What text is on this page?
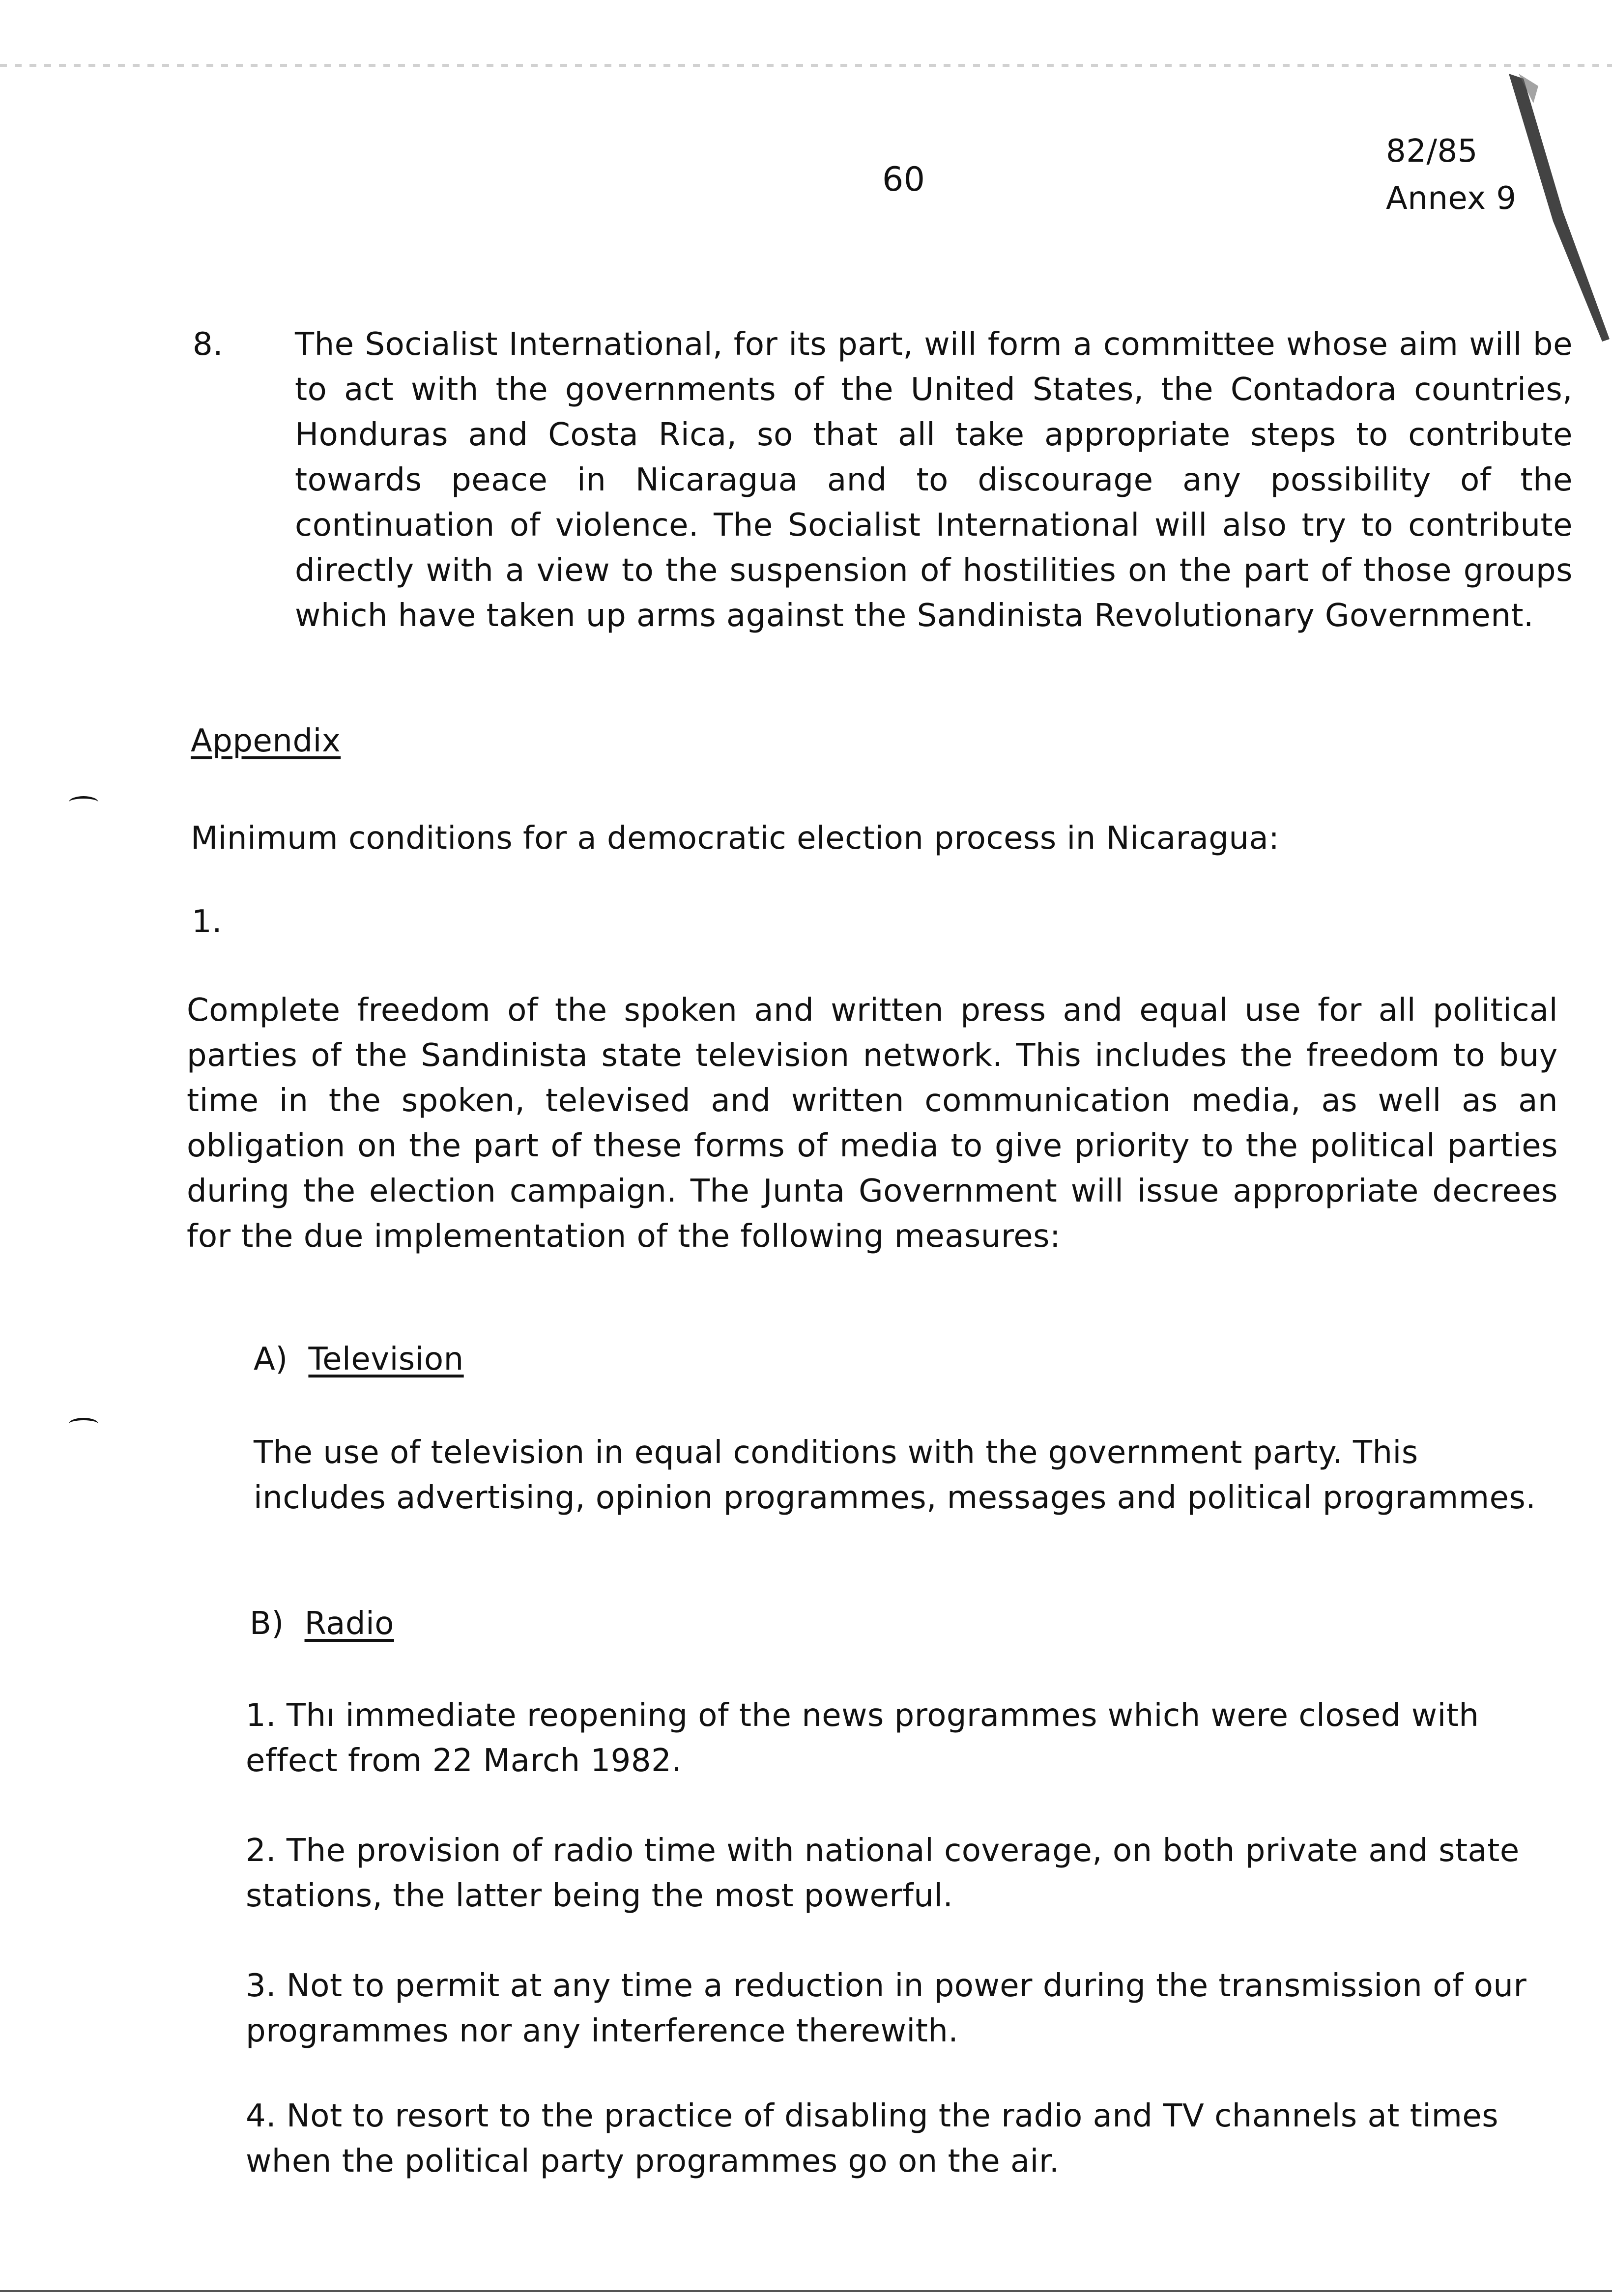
60
82/85
Annex 9
8. The Socialist International, for its part, will form a committee whose aim will be to act with the governments of the United States, the Contadora countries, Honduras and Costa Rica, so that all take appropriate steps to contribute towards peace in Nicaragua and to discourage any possibility of the continuation of violence. The Socialist International will also try to contribute directly with a view to the suspension of hostilities on the part of those groups which have taken up arms against the Sandinista Revolutionary Government.
Appendix
Minimum conditions for a democratic election process in Nicaragua:
1.
Complete freedom of the spoken and written press and equal use for all political parties of the Sandinista state television network. This includes the freedom to buy time in the spoken, televised and written communication media, as well as an obligation on the part of these forms of media to give priority to the political parties during the election campaign. The Junta Government will issue appropriate decrees for the due implementation of the following measures:
A) Television
The use of television in equal conditions with the government party. This includes advertising, opinion programmes, messages and political programmes.
B) Radio
1. Thı immediate reopening of the news programmes which were closed with effect from 22 March 1982.
2. The provision of radio time with national coverage, on both private and state stations, the latter being the most powerful.
3. Not to permit at any time a reduction in power during the transmission of our programmes nor any interference therewith.
4. Not to resort to the practice of disabling the radio and TV channels at times when the political party programmes go on the air.
